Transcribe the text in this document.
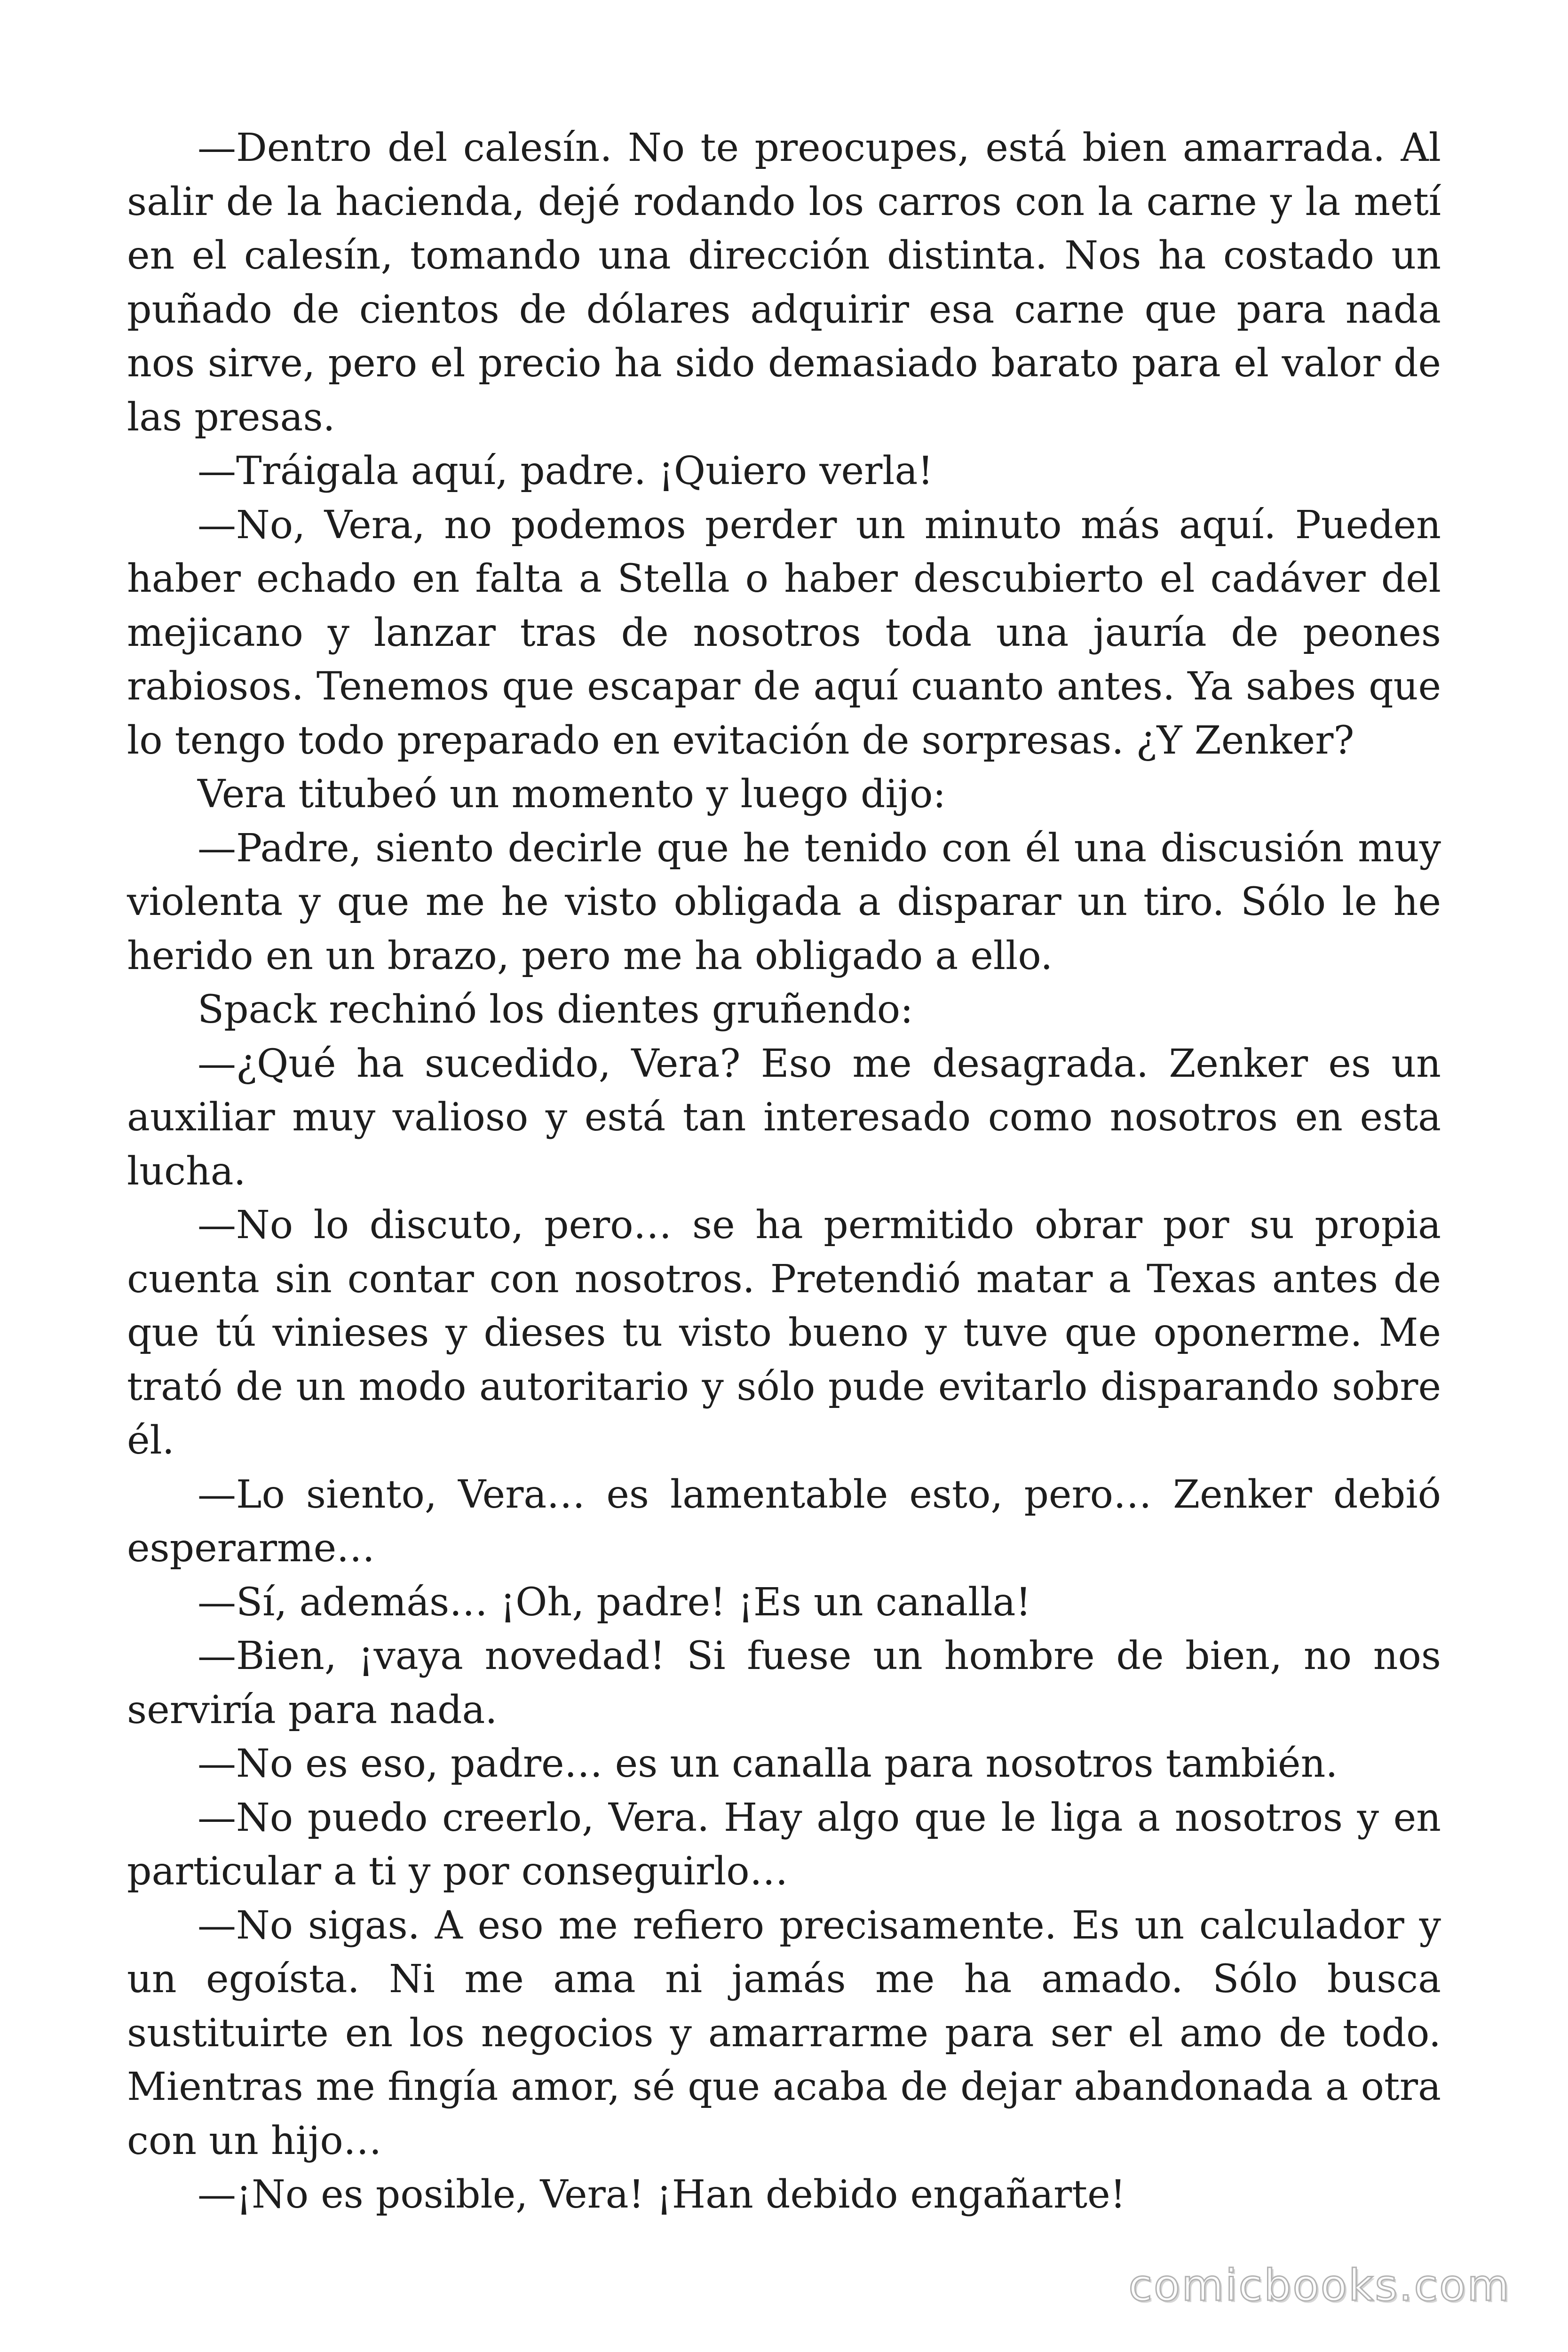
—Dentro del calesín. No te preocupes, está bien amarrada. Al salir de la hacienda, dejé rodando los carros con la carne y la metí en el calesín, tomando una dirección distinta. Nos ha costado un puñado de cientos de dólares adquirir esa carne que para nada nos sirve, pero el precio ha sido demasiado barato para el valor de las presas.

—Tráigala aquí, padre. ¡Quiero verla!

—No, Vera, no podemos perder un minuto más aquí. Pueden haber echado en falta a Stella o haber descubierto el cadáver del mejicano y lanzar tras de nosotros toda una jauría de peones rabiosos. Tenemos que escapar de aquí cuanto antes. Ya sabes que lo tengo todo preparado en evitación de sorpresas. ¿Y Zenker?

Vera titubeó un momento y luego dijo:

—Padre, siento decirle que he tenido con él una discusión muy violenta y que me he visto obligada a disparar un tiro. Sólo le he herido en un brazo, pero me ha obligado a ello.

Spack rechinó los dientes gruñendo:

—¿Qué ha sucedido, Vera? Eso me desagrada. Zenker es un auxiliar muy valioso y está tan interesado como nosotros en esta lucha.

—No lo discuto, pero… se ha permitido obrar por su propia cuenta sin contar con nosotros. Pretendió matar a Texas antes de que tú vinieses y dieses tu visto bueno y tuve que oponerme. Me trató de un modo autoritario y sólo pude evitarlo disparando sobre él.

—Lo siento, Vera… es lamentable esto, pero… Zenker debió esperarme…

—Sí, además… ¡Oh, padre! ¡Es un canalla!

—Bien, ¡vaya novedad! Si fuese un hombre de bien, no nos serviría para nada.

—No es eso, padre… es un canalla para nosotros también.

—No puedo creerlo, Vera. Hay algo que le liga a nosotros y en particular a ti y por conseguirlo…

—No sigas. A eso me refiero precisamente. Es un calculador y un egoísta. Ni me ama ni jamás me ha amado. Sólo busca sustituirte en los negocios y amarrarme para ser el amo de todo. Mientras me fingía amor, sé que acaba de dejar abandonada a otra con un hijo…

—¡No es posible, Vera! ¡Han debido engañarte!

comicbooks.com
